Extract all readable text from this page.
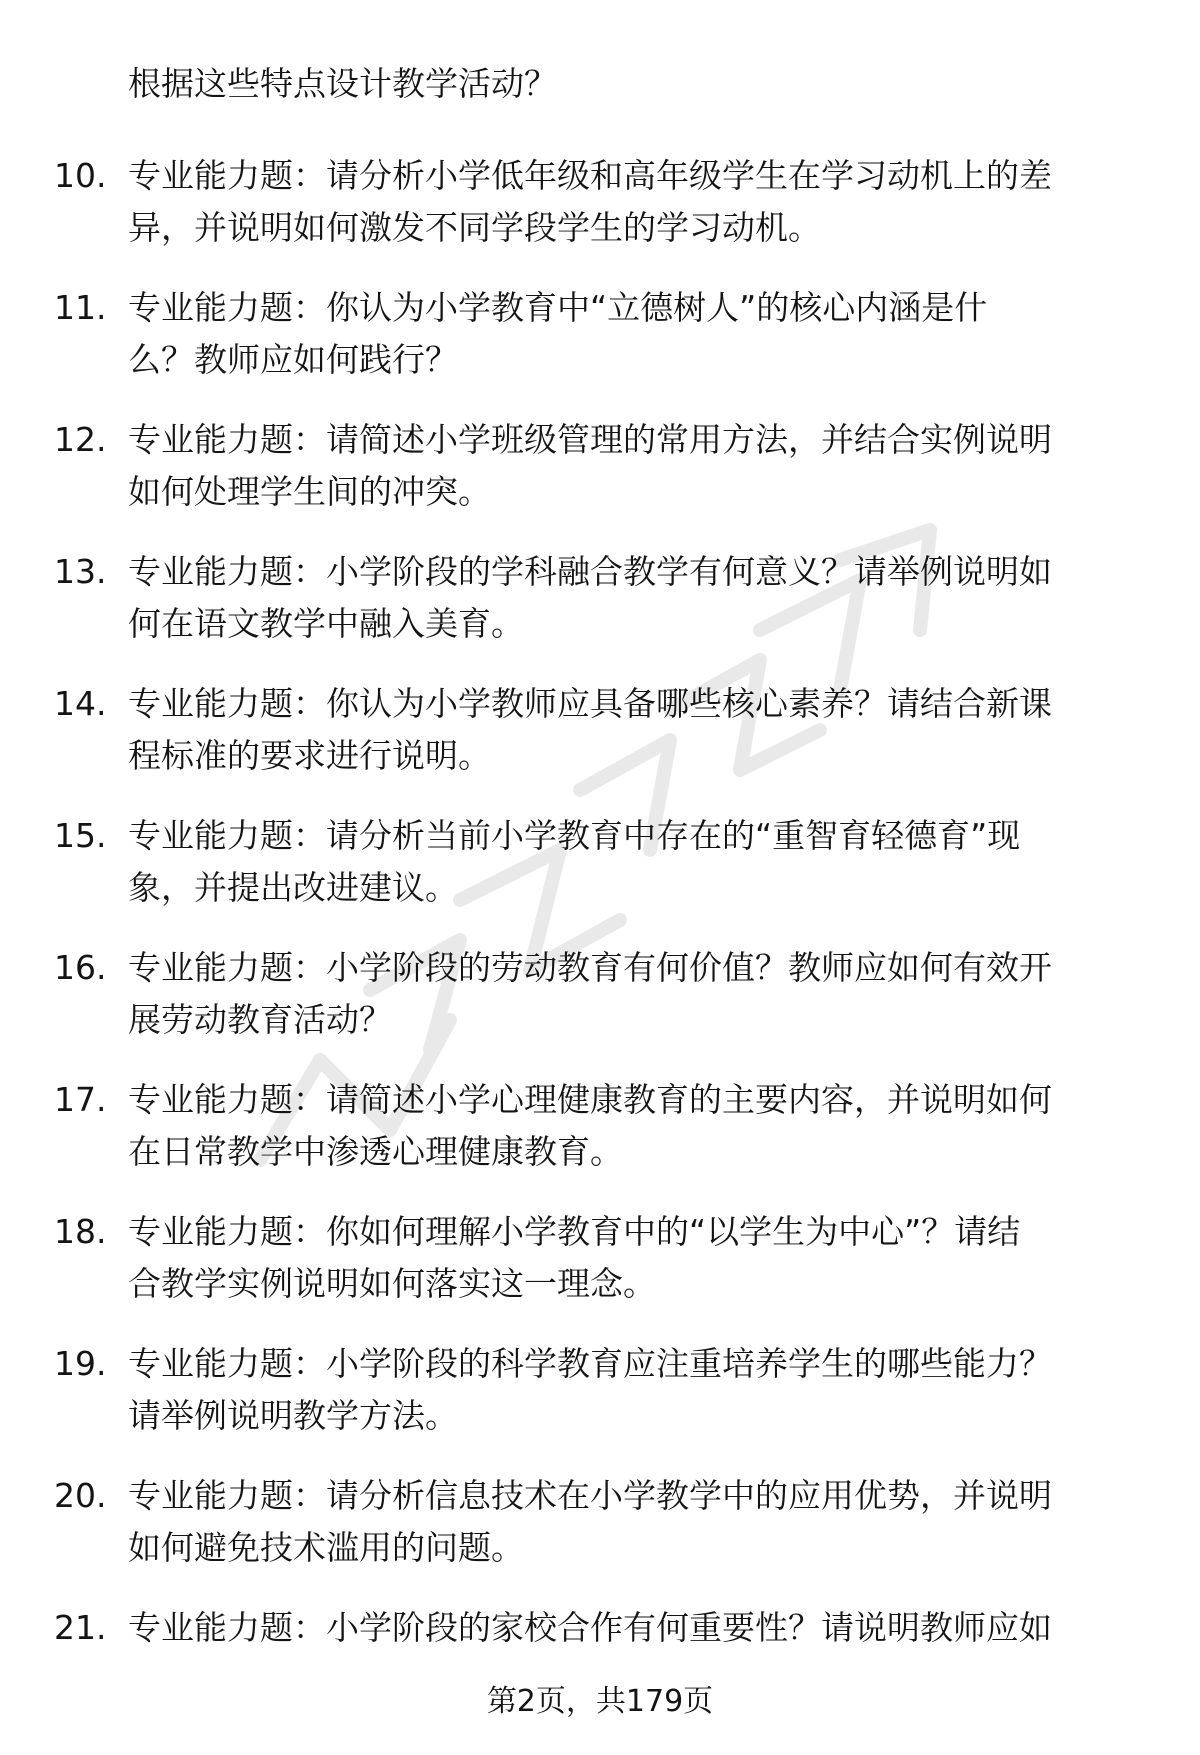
根据这些特点设计教学活动？
10. 专业能力题：请分析小学低年级和高年级学生在学习动机上的差
异，并说明如何激发不同学段学生的学习动机。
11. 专业能力题：你认为小学教育中“立德树人”的核心内涵是什
么？教师应如何践行？
12. 专业能力题：请简述小学班级管理的常用方法，并结合实例说明
如何处理学生间的冲突。
13. 专业能力题：小学阶段的学科融合教学有何意义？请举例说明如
何在语文教学中融入美育。
14. 专业能力题：你认为小学教师应具备哪些核心素养？请结合新课
程标准的要求进行说明。
15. 专业能力题：请分析当前小学教育中存在的“重智育轻德育”现
象，并提出改进建议。
16. 专业能力题：小学阶段的劳动教育有何价值？教师应如何有效开
展劳动教育活动？
17. 专业能力题：请简述小学心理健康教育的主要内容，并说明如何
在日常教学中渗透心理健康教育。
18. 专业能力题：你如何理解小学教育中的“以学生为中心”？请结
合教学实例说明如何落实这一理念。
19. 专业能力题：小学阶段的科学教育应注重培养学生的哪些能力？
请举例说明教学方法。
20. 专业能力题：请分析信息技术在小学教学中的应用优势，并说明
如何避免技术滥用的问题。
21. 专业能力题：小学阶段的家校合作有何重要性？请说明教师应如
第2页，共179页
